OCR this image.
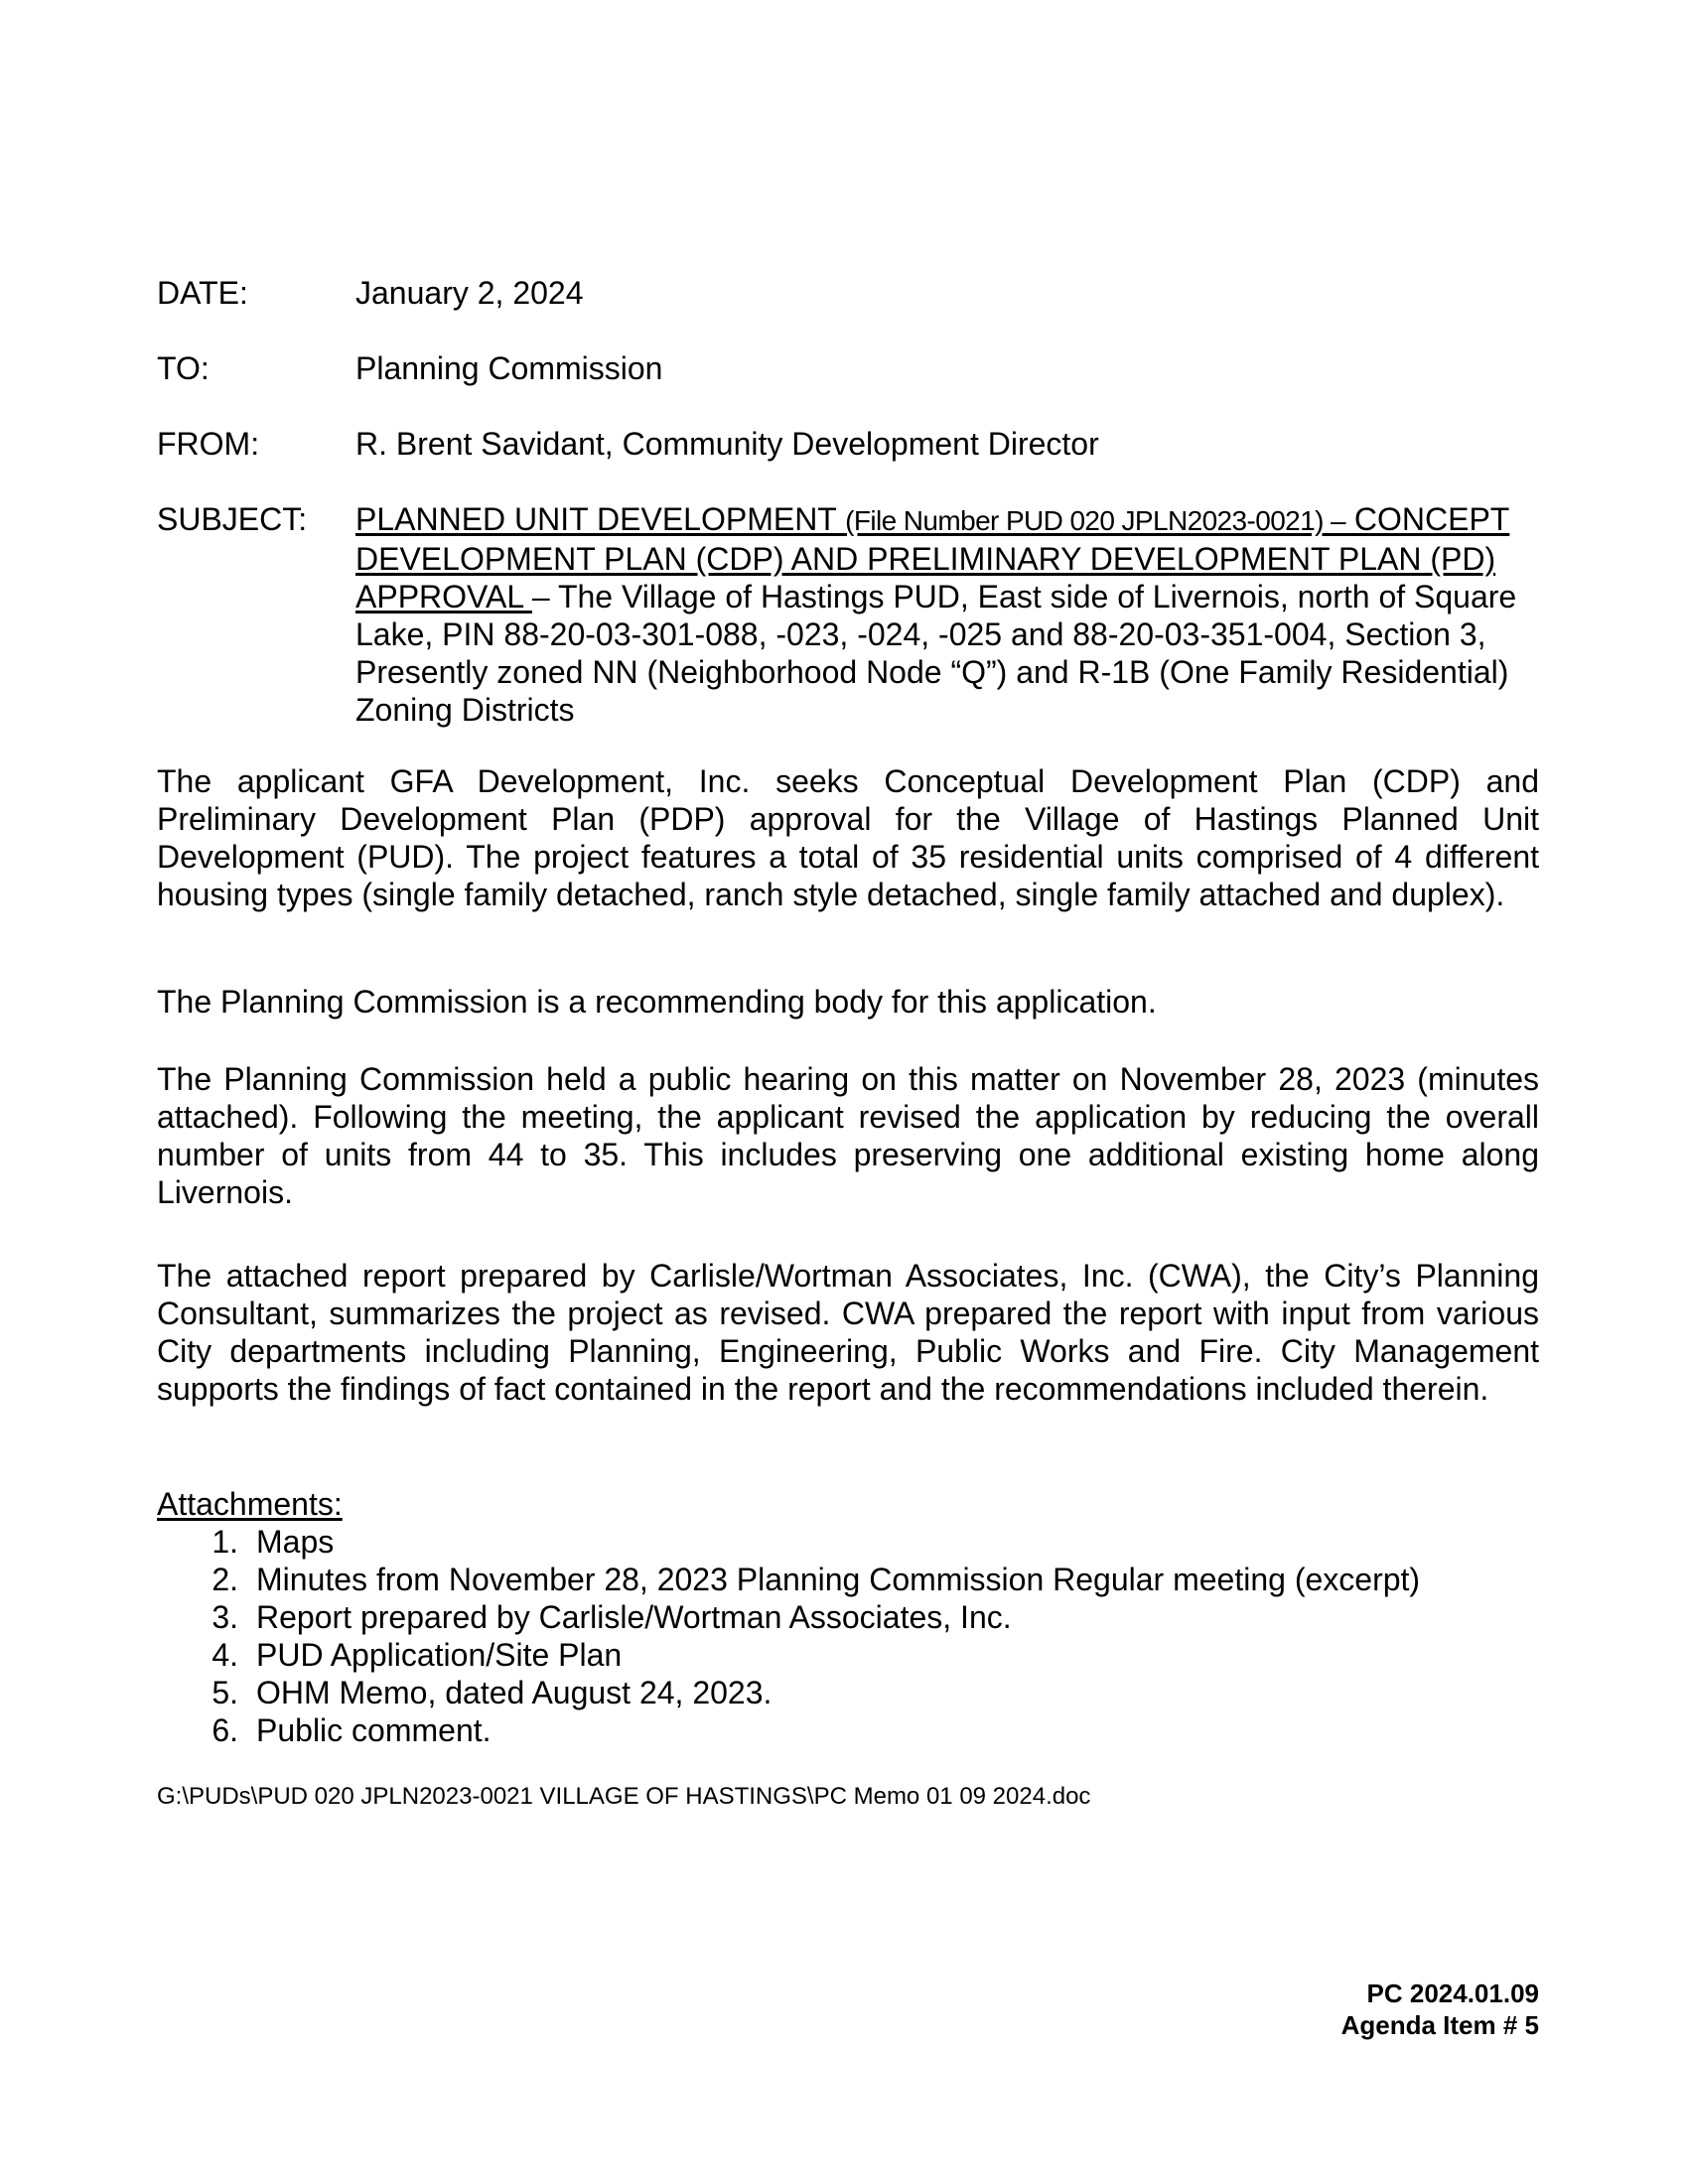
DATE:	January 2, 2024
TO:	Planning Commission
FROM:	R. Brent Savidant, Community Development Director
SUBJECT:	PLANNED UNIT DEVELOPMENT (File Number PUD 020 JPLN2023-0021) – CONCEPT DEVELOPMENT PLAN (CDP) AND PRELIMINARY DEVELOPMENT PLAN (PD) APPROVAL – The Village of Hastings PUD, East side of Livernois, north of Square Lake, PIN 88-20-03-301-088, -023, -024, -025 and 88-20-03-351-004, Section 3, Presently zoned NN (Neighborhood Node “Q”) and R-1B (One Family Residential) Zoning Districts

The applicant GFA Development, Inc. seeks Conceptual Development Plan (CDP) and Preliminary Development Plan (PDP) approval for the Village of Hastings Planned Unit Development (PUD). The project features a total of 35 residential units comprised of 4 different housing types (single family detached, ranch style detached, single family attached and duplex).

The Planning Commission is a recommending body for this application.

The Planning Commission held a public hearing on this matter on November 28, 2023 (minutes attached). Following the meeting, the applicant revised the application by reducing the overall number of units from 44 to 35. This includes preserving one additional existing home along Livernois.

The attached report prepared by Carlisle/Wortman Associates, Inc. (CWA), the City’s Planning Consultant, summarizes the project as revised. CWA prepared the report with input from various City departments including Planning, Engineering, Public Works and Fire. City Management supports the findings of fact contained in the report and the recommendations included therein.

Attachments:
1. Maps
2. Minutes from November 28, 2023 Planning Commission Regular meeting (excerpt)
3. Report prepared by Carlisle/Wortman Associates, Inc.
4. PUD Application/Site Plan
5. OHM Memo, dated August 24, 2023.
6. Public comment.
G:\PUDs\PUD 020 JPLN2023-0021 VILLAGE OF HASTINGS\PC Memo 01 09 2024.doc
PC 2024.01.09
Agenda Item # 5
